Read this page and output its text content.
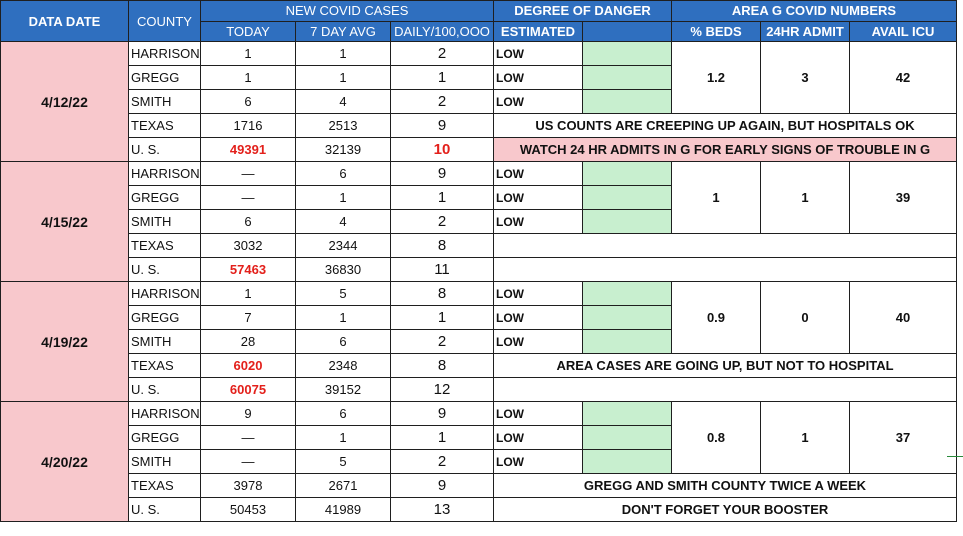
DATA DATE	COUNTY	NEW COVID CASES			DEGREE OF DANGER		AREA G COVID NUMBERS		
		TODAY	7 DAY AVG	DAILY/100,OOO	ESTIMATED		% BEDS	24HR ADMIT	AVAIL ICU
4/12/22	HARRISON	1	1	2	LOW		1.2	3	42
	GREGG	1	1	1	LOW				
	SMITH	6	4	2	LOW				
	TEXAS	1716	2513	9	US COUNTS ARE CREEPING UP AGAIN, BUT HOSPITALS OK				
	U. S.	49391	32139	10	WATCH 24 HR ADMITS IN G FOR EARLY SIGNS OF TROUBLE IN G				
4/15/22	HARRISON	—	6	9	LOW		1	1	39
	GREGG	—	1	1	LOW				
	SMITH	6	4	2	LOW				
	TEXAS	3032	2344	8					
	U. S.	57463	36830	11					
4/19/22	HARRISON	1	5	8	LOW		0.9	0	40
	GREGG	7	1	1	LOW				
	SMITH	28	6	2	LOW				
	TEXAS	6020	2348	8	AREA CASES ARE GOING UP, BUT NOT TO HOSPITAL				
	U. S.	60075	39152	12					
4/20/22	HARRISON	9	6	9	LOW		0.8	1	37
	GREGG	—	1	1	LOW				
	SMITH	—	5	2	LOW				
	TEXAS	3978	2671	9	GREGG AND SMITH COUNTY TWICE A WEEK				
	U. S.	50453	41989	13	DON'T FORGET YOUR BOOSTER				
